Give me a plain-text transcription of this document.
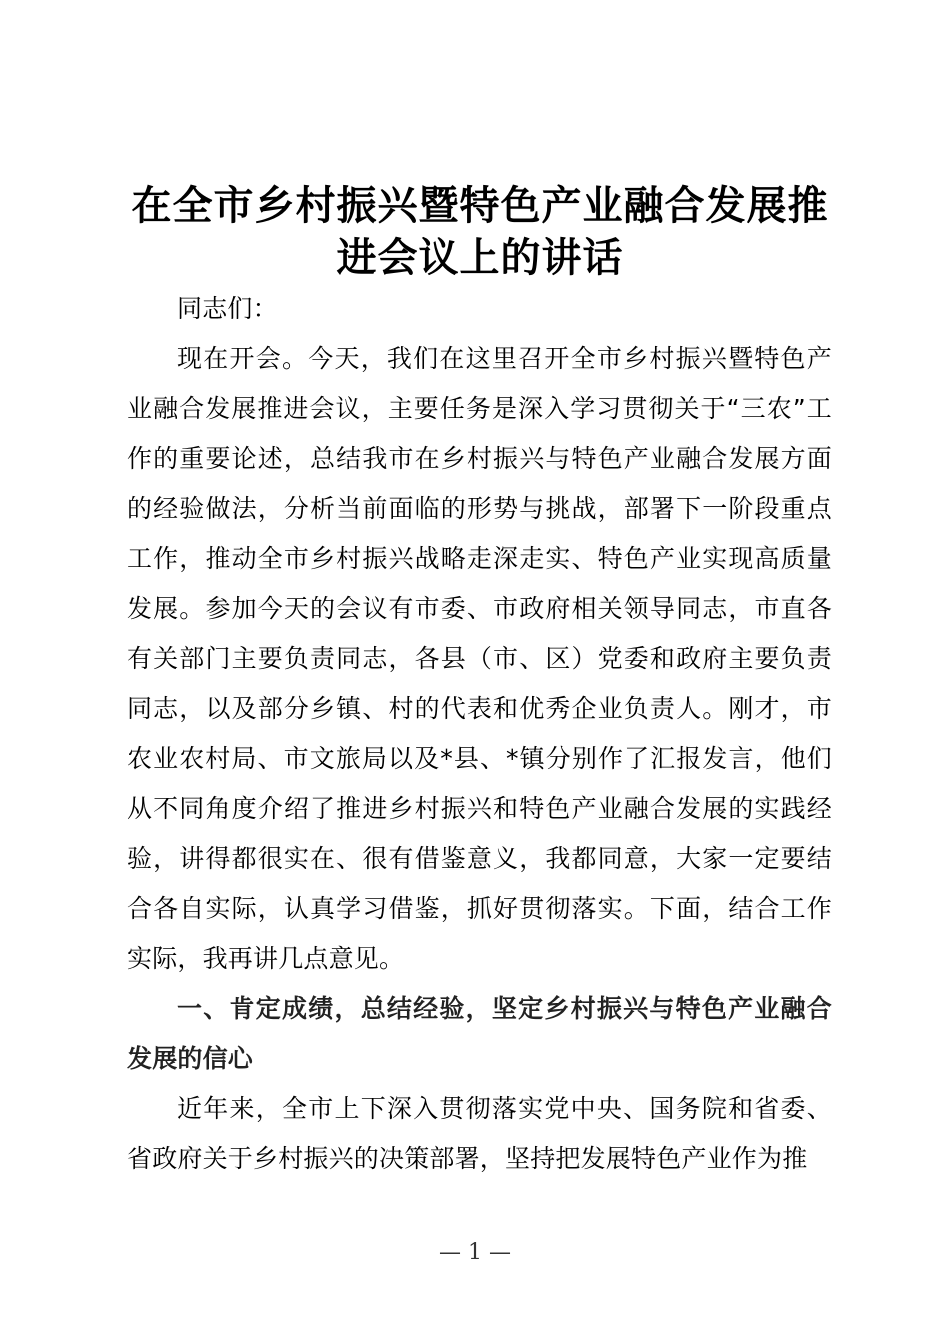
在全市乡村振兴暨特色产业融合发展推
进会议上的讲话

同志们：

现在开会。今天，我们在这里召开全市乡村振兴暨特色产业融合发展推进会议，主要任务是深入学习贯彻关于“三农”工作的重要论述，总结我市在乡村振兴与特色产业融合发展方面的经验做法，分析当前面临的形势与挑战，部署下一阶段重点工作，推动全市乡村振兴战略走深走实、特色产业实现高质量发展。参加今天的会议有市委、市政府相关领导同志，市直各有关部门主要负责同志，各县（市、区）党委和政府主要负责同志，以及部分乡镇、村的代表和优秀企业负责人。刚才，市农业农村局、市文旅局以及*县、*镇分别作了汇报发言，他们从不同角度介绍了推进乡村振兴和特色产业融合发展的实践经验，讲得都很实在、很有借鉴意义，我都同意，大家一定要结合各自实际，认真学习借鉴，抓好贯彻落实。下面，结合工作实际，我再讲几点意见。

一、肯定成绩，总结经验，坚定乡村振兴与特色产业融合发展的信心

近年来，全市上下深入贯彻落实党中央、国务院和省委、省政府关于乡村振兴的决策部署，坚持把发展特色产业作为推

— 1 —
